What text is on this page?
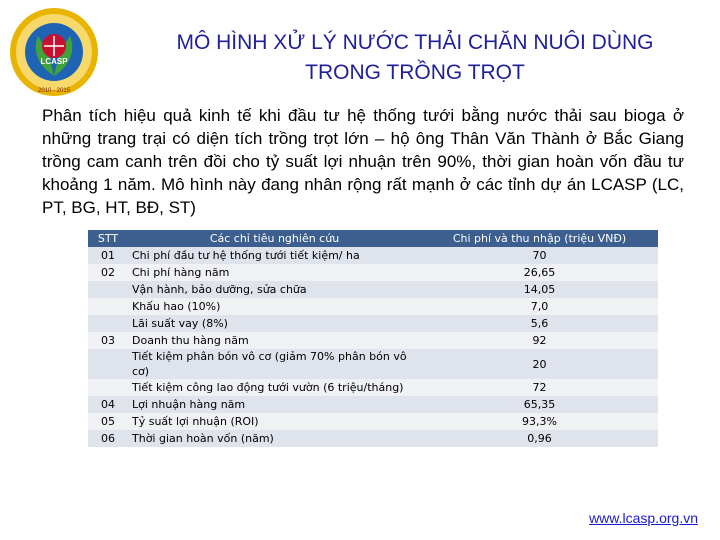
LCASP
2010 - 2015
MÔ HÌNH XỬ LÝ NƯỚC THẢI CHĂN NUÔI DÙNG
TRONG TRỒNG TRỌT
Phân tích hiệu quả kinh tế khi đầu tư hệ thống tưới bằng nước thải sau bioga ở những trang trại có diện tích trồng trọt lớn – hộ ông Thân Văn Thành ở Bắc Giang trồng cam canh trên đồi cho tỷ suất lợi nhuận trên 90%, thời gian hoàn vốn đầu tư khoảng 1 năm. Mô hình này đang nhân rộng rất mạnh ở các tỉnh dự án LCASP (LC, PT, BG, HT, BĐ, ST)
STT	Các chỉ tiêu nghiên cứu	Chi phí và thu nhập (triệu VNĐ)
01	Chi phí đầu tư hệ thống tưới tiết kiệm/ ha	70
02	Chi phí hàng năm	26,65
	Vận hành, bảo dưỡng, sửa chữa	14,05
	Khấu hao (10%)	7,0
	Lãi suất vay (8%)	5,6
03	Doanh thu hàng năm	92
	Tiết kiệm phân bón vô cơ (giảm 70% phân bón vô cơ)	20
	Tiết kiệm công lao động tưới vườn (6 triệu/tháng)	72
04	Lợi nhuận hàng năm	65,35
05	Tỷ suất lợi nhuận (ROI)	93,3%
06	Thời gian hoàn vốn (năm)	0,96
www.lcasp.org.vn
